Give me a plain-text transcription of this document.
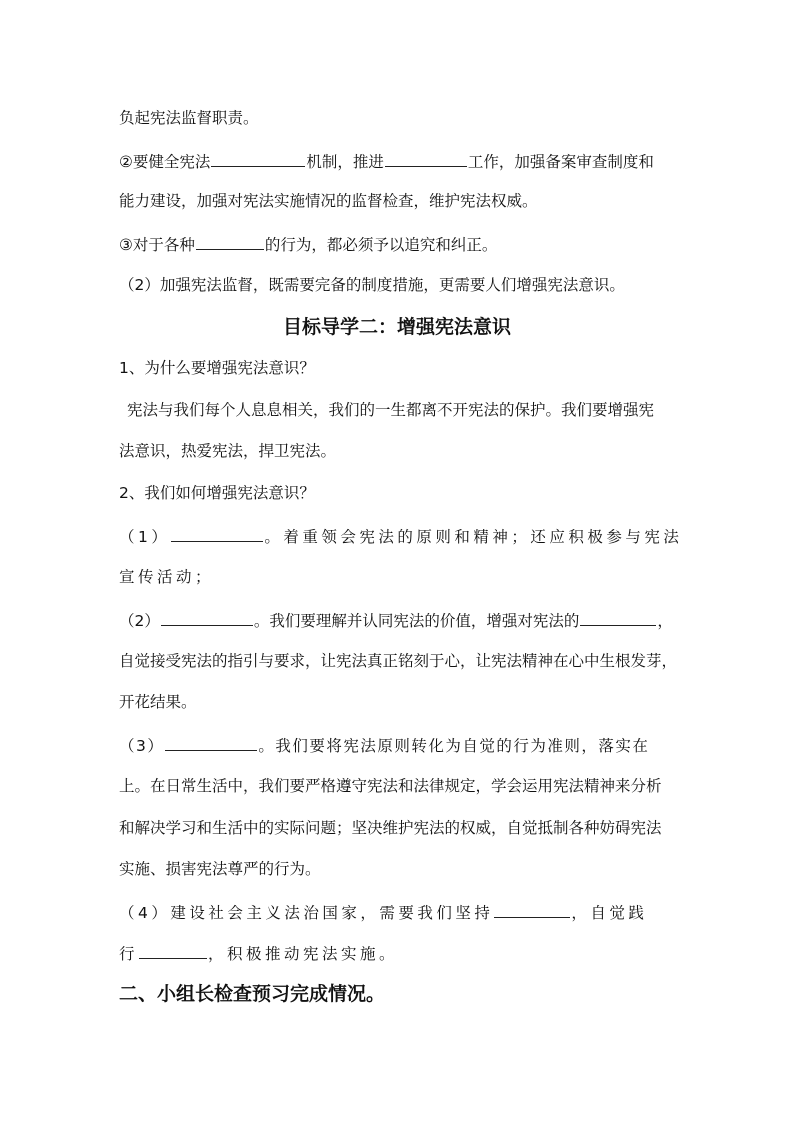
负起宪法监督职责。
②要健全宪法	机制，推进	工作，加强备案审查制度和
能力建设，加强对宪法实施情况的监督检查，维护宪法权威。
③对于各种	的行为，都必须予以追究和纠正。
（2）加强宪法监督，既需要完备的制度措施，更需要人们增强宪法意识。
目标导学二：增强宪法意识
1、为什么要增强宪法意识？
宪法与我们每个人息息相关，我们的一生都离不开宪法的保护。我们要增强宪
法意识，热爱宪法，捍卫宪法。
2、我们如何增强宪法意识？
（1）	。着重领会宪法的原则和精神；还应积极参与宪法
宣传活动；
（2）	。我们要理解并认同宪法的价值，增强对宪法的	，
自觉接受宪法的指引与要求，让宪法真正铭刻于心，让宪法精神在心中生根发芽，
开花结果。
（3）	。我们要将宪法原则转化为自觉的行为准则，落实在
上。在日常生活中，我们要严格遵守宪法和法律规定，学会运用宪法精神来分析
和解决学习和生活中的实际问题；坚决维护宪法的权威，自觉抵制各种妨碍宪法
实施、损害宪法尊严的行为。
（4）建设社会主义法治国家，需要我们坚持	，自觉践
行	，积极推动宪法实施。
二、小组长检查预习完成情况。
